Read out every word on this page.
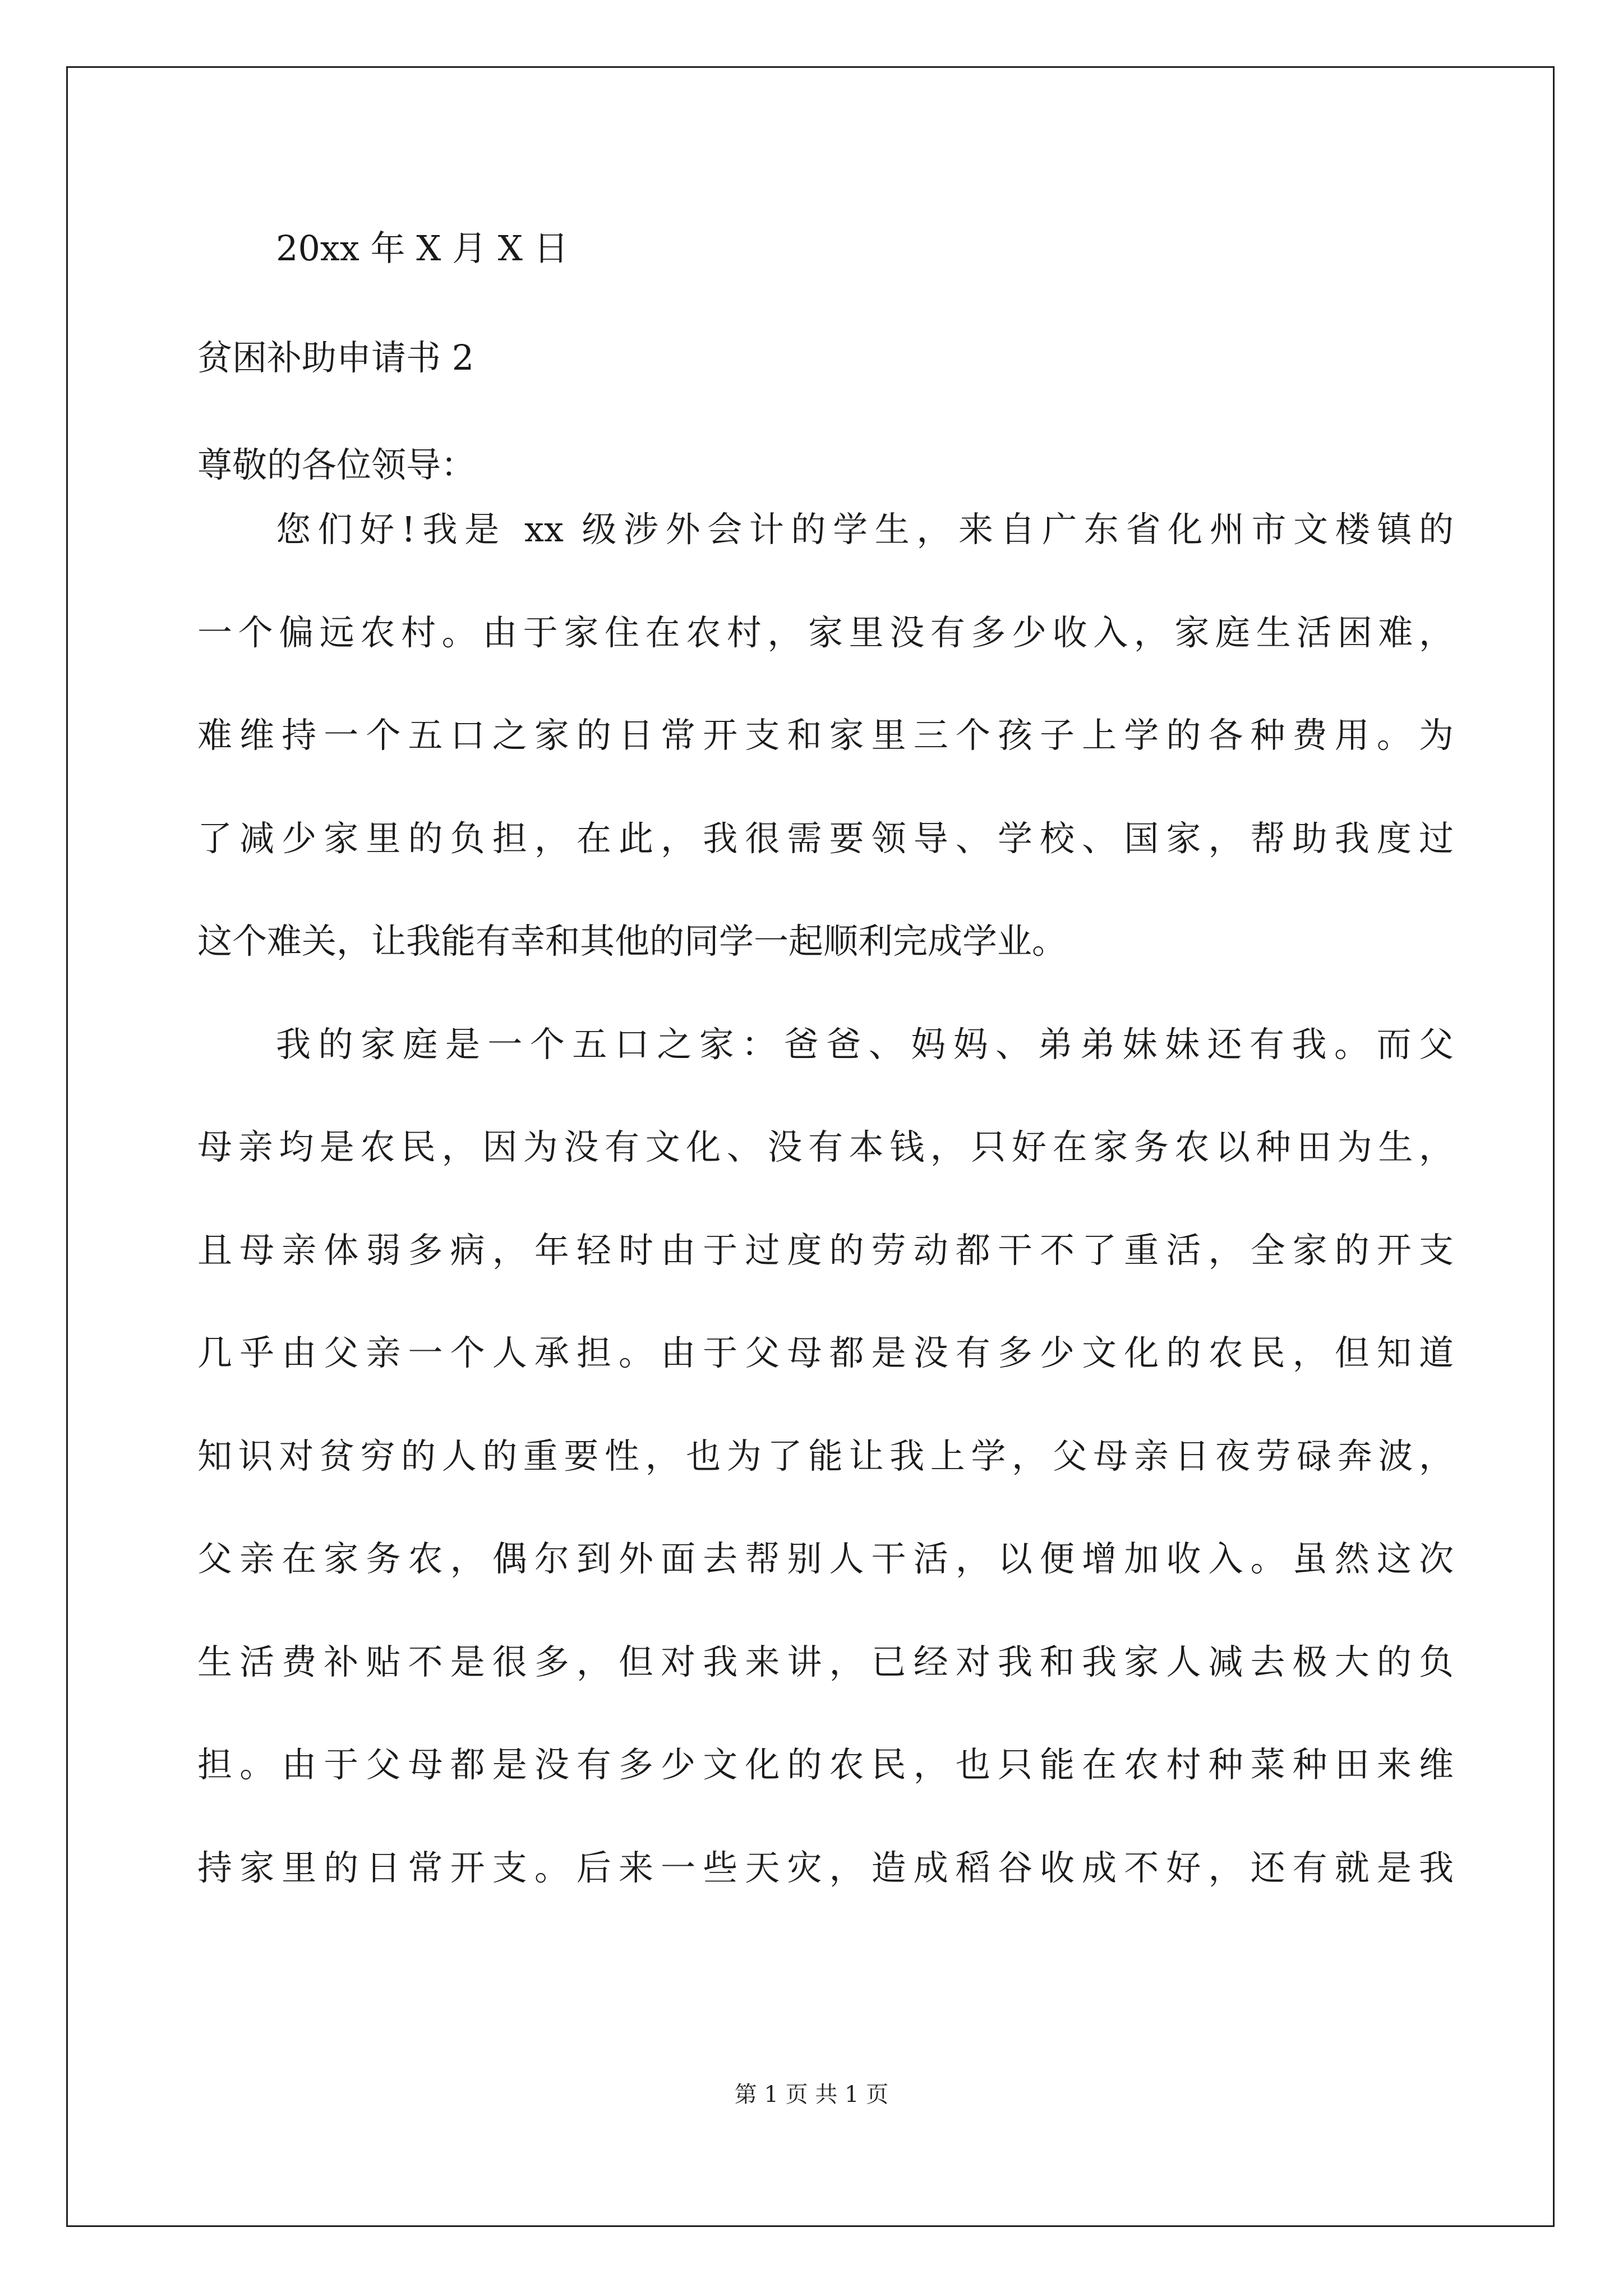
20xx 年 X 月 X 日
贫困补助申请书 2
尊敬的各位领导：
您们好!我是 xx 级涉外会计的学生，来自广东省化州市文楼镇的
一个偏远农村。由于家住在农村，家里没有多少收入，家庭生活困难，
难维持一个五口之家的日常开支和家里三个孩子上学的各种费用。为
了减少家里的负担，在此，我很需要领导、学校、国家，帮助我度过
这个难关，让我能有幸和其他的同学一起顺利完成学业。
我的家庭是一个五口之家：爸爸、妈妈、弟弟妹妹还有我。而父
母亲均是农民，因为没有文化、没有本钱，只好在家务农以种田为生，
且母亲体弱多病，年轻时由于过度的劳动都干不了重活，全家的开支
几乎由父亲一个人承担。由于父母都是没有多少文化的农民，但知道
知识对贫穷的人的重要性，也为了能让我上学，父母亲日夜劳碌奔波，
父亲在家务农，偶尔到外面去帮别人干活，以便增加收入。虽然这次
生活费补贴不是很多，但对我来讲，已经对我和我家人减去极大的负
担。由于父母都是没有多少文化的农民，也只能在农村种菜种田来维
持家里的日常开支。后来一些天灾，造成稻谷收成不好，还有就是我
第 1 页 共 1 页
